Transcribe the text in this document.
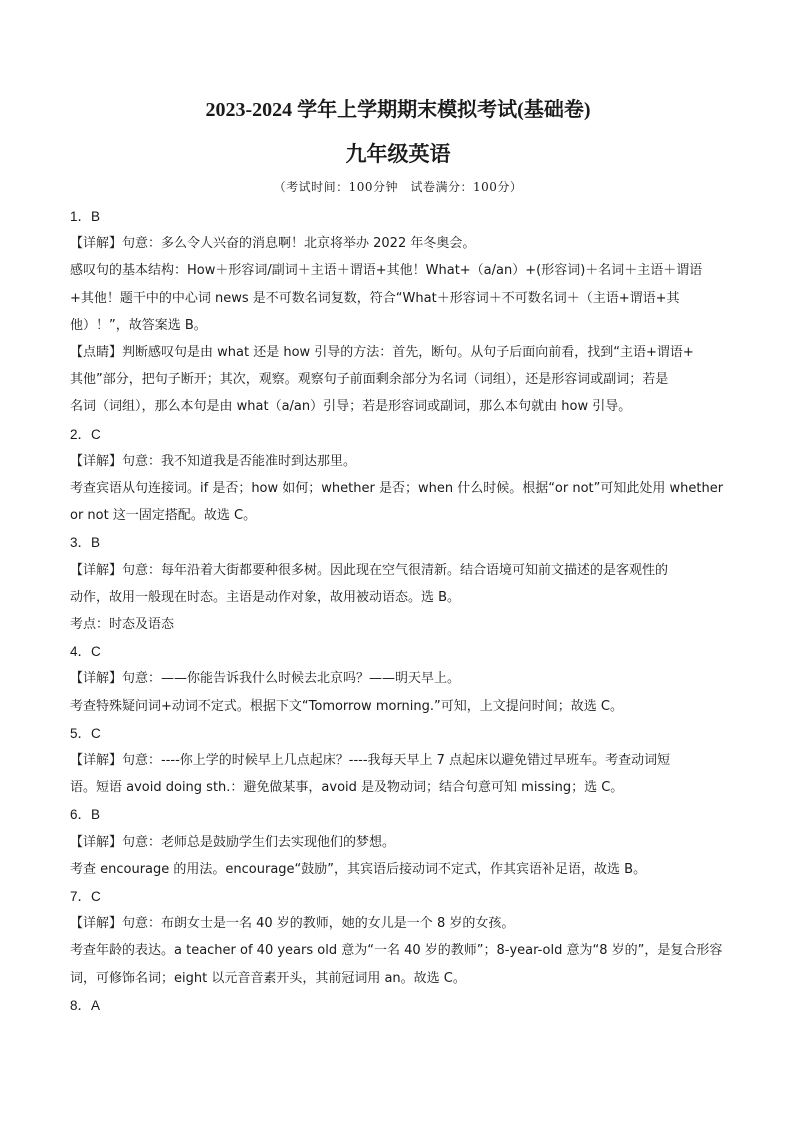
2023-2024 学年上学期期末模拟考试(基础卷)
九年级英语
（考试时间：100分钟　试卷满分：100分）

1．B

【详解】句意：多么令人兴奋的消息啊！北京将举办 2022 年冬奥会。

感叹句的基本结构：How＋形容词/副词＋主语＋谓语+其他！What+（a/an）+(形容词)＋名词＋主语＋谓语

+其他！题干中的中心词 news 是不可数名词复数，符合“What＋形容词＋不可数名词＋（主语+谓语+其

他）！”，故答案选 B。

【点睛】判断感叹句是由 what 还是 how 引导的方法：首先，断句。从句子后面向前看，找到“主语+谓语+

其他”部分，把句子断开；其次，观察。观察句子前面剩余部分为名词（词组），还是形容词或副词；若是

名词（词组），那么本句是由 what（a/an）引导；若是形容词或副词，那么本句就由 how 引导。

2．C

【详解】句意：我不知道我是否能准时到达那里。

考查宾语从句连接词。if 是否；how 如何；whether 是否；when 什么时候。根据“or not”可知此处用 whether

or not 这一固定搭配。故选 C。

3．B

【详解】句意：每年沿着大街都要种很多树。因此现在空气很清新。结合语境可知前文描述的是客观性的

动作，故用一般现在时态。主语是动作对象，故用被动语态。选 B。

考点：时态及语态

4．C

【详解】句意：——你能告诉我什么时候去北京吗？——明天早上。

考查特殊疑问词+动词不定式。根据下文“Tomorrow morning.”可知，上文提问时间；故选 C。

5．C

【详解】句意：----你上学的时候早上几点起床？----我每天早上 7 点起床以避免错过早班车。考查动词短

语。短语 avoid doing sth.：避免做某事，avoid 是及物动词；结合句意可知 missing；选 C。

6．B

【详解】句意：老师总是鼓励学生们去实现他们的梦想。

考查 encourage 的用法。encourage“鼓励”，其宾语后接动词不定式，作其宾语补足语，故选 B。

7．C

【详解】句意：布朗女士是一名 40 岁的教师，她的女儿是一个 8 岁的女孩。

考查年龄的表达。a teacher of 40 years old 意为“一名 40 岁的教师”；8-year-old 意为“8 岁的”，是复合形容

词，可修饰名词；eight 以元音音素开头，其前冠词用 an。故选 C。

8．A
